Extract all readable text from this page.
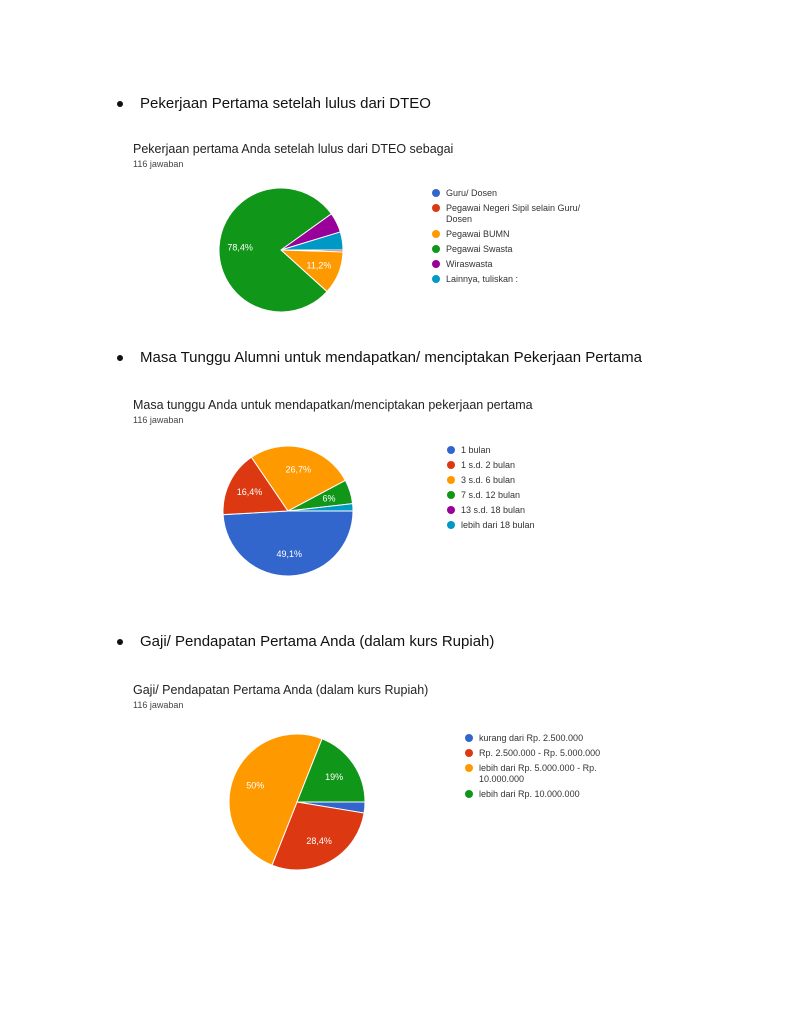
Pekerjaan Pertama setelah lulus dari DTEO
Pekerjaan pertama Anda setelah lulus dari DTEO sebagai
116 jawaban
11,2%
78,4%
Guru/ Dosen
Pegawai Negeri Sipil selain Guru/
Dosen
Pegawai BUMN
Pegawai Swasta
Wiraswasta
Lainnya, tuliskan :
Masa Tunggu Alumni untuk mendapatkan/ menciptakan Pekerjaan Pertama
Masa tunggu Anda untuk mendapatkan/menciptakan pekerjaan pertama
116 jawaban
49,1%
16,4%
26,7%
6%
1 bulan
1 s.d. 2 bulan
3 s.d. 6 bulan
7 s.d. 12 bulan
13 s.d. 18 bulan
lebih dari 18 bulan
Gaji/ Pendapatan Pertama Anda (dalam kurs Rupiah)
Gaji/ Pendapatan Pertama Anda (dalam kurs Rupiah)
116 jawaban
28,4%
50%
19%
kurang dari Rp. 2.500.000
Rp. 2.500.000 - Rp. 5.000.000
lebih dari Rp. 5.000.000 - Rp.
10.000.000
lebih dari Rp. 10.000.000
